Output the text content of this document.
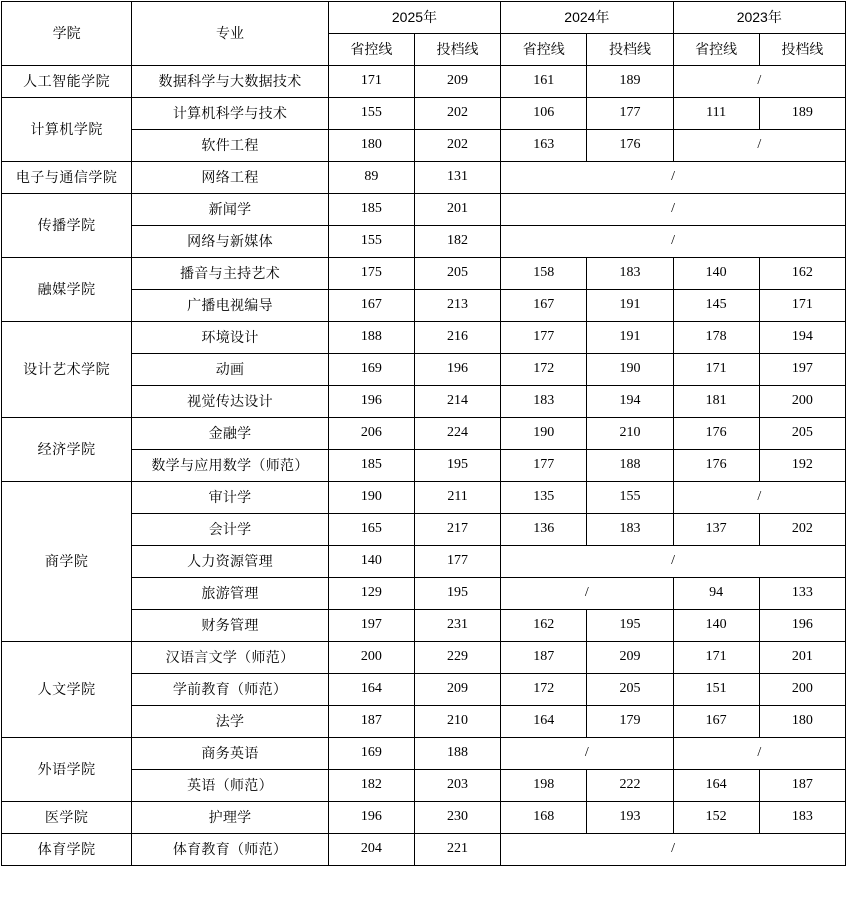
学院	专业	2025年		2024年		2023年	
		省控线	投档线	省控线	投档线	省控线	投档线
人工智能学院	数据科学与大数据技术	171	209	161	189	/	
计算机学院	计算机科学与技术	155	202	106	177	111	189
	软件工程	180	202	163	176	/	
电子与通信学院	网络工程	89	131	/			
传播学院	新闻学	185	201	/			
	网络与新媒体	155	182	/			
融媒学院	播音与主持艺术	175	205	158	183	140	162
	广播电视编导	167	213	167	191	145	171
设计艺术学院	环境设计	188	216	177	191	178	194
	动画	169	196	172	190	171	197
	视觉传达设计	196	214	183	194	181	200
经济学院	金融学	206	224	190	210	176	205
	数学与应用数学（师范）	185	195	177	188	176	192
商学院	审计学	190	211	135	155	/	
	会计学	165	217	136	183	137	202
	人力资源管理	140	177	/			
	旅游管理	129	195	/		94	133
	财务管理	197	231	162	195	140	196
人文学院	汉语言文学（师范）	200	229	187	209	171	201
	学前教育（师范）	164	209	172	205	151	200
	法学	187	210	164	179	167	180
外语学院	商务英语	169	188	/		/	
	英语（师范）	182	203	198	222	164	187
医学院	护理学	196	230	168	193	152	183
体育学院	体育教育（师范）	204	221	/			
